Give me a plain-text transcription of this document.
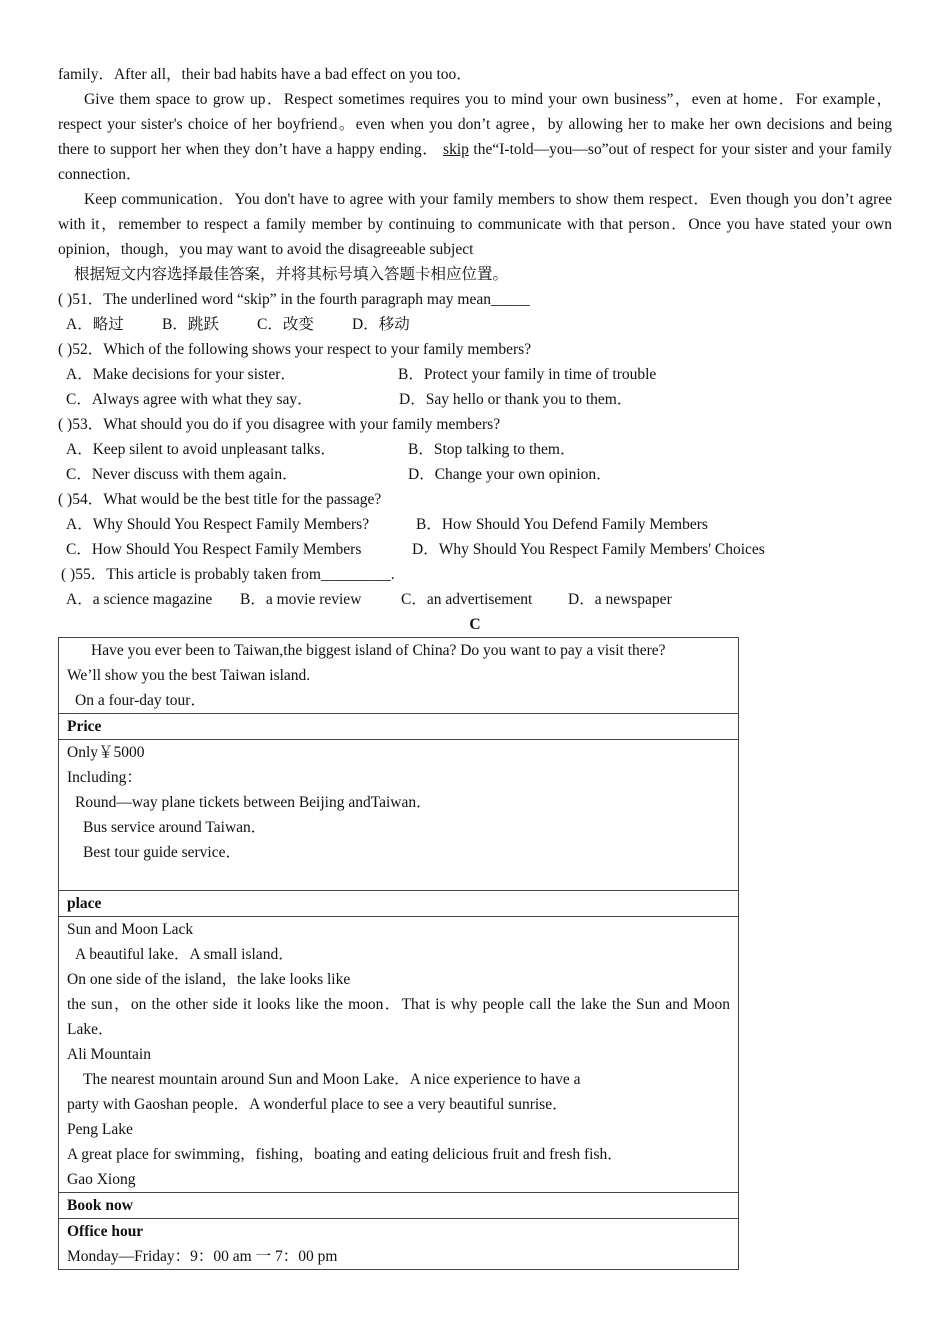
family．After all，their bad habits have a bad effect on you too．

Give them space to grow up．Respect sometimes requires you to mind your own business”，even at home．For example，respect your sister's choice of her boyfriend。even when you don’t agree，by allowing her to make her own decisions and being there to support her when they don’t have a happy ending． skip the“I-told—you—so”out of respect for your sister and your family connection．

Keep communication．You don't have to agree with your family members to show them respect．Even though you don’t agree with it，remember to respect a family member by continuing to communicate with that person．Once you have stated your own opinion，though，you may want to avoid the disagreeable subject

根据短文内容选择最佳答案，并将其标号填入答题卡相应位置。
( )51．The underlined word “skip” in the fourth paragraph may mean_____
A．略过 B．跳跃 C．改变 D．移动
( )52．Which of the following shows your respect to your family members?
A．Make decisions for your sister．	B．Protect your family in time of trouble
C．Always agree with what they say．	D．Say hello or thank you to them．
( )53．What should you do if you disagree with your family members?
A．Keep silent to avoid unpleasant talks．	B．Stop talking to them．
C．Never discuss with them again．	D．Change your own opinion．
( )54．What would be the best title for the passage?
A．Why Should You Respect Family Members?	B．How Should You Defend Family Members
C．How Should You Respect Family Members	D．Why Should You Respect Family Members' Choices
( )55．This article is probably taken from_________.
A．a science magazine B．a movie review	C．an advertisement D．a newspaper
C
Have you ever been to Taiwan,the biggest island of China? Do you want to pay a visit there?
We’ll show you the best Taiwan island.
On a four-day tour．

Price

Only￥5000
Including：
Round—way plane tickets between Beijing andTaiwan．
Bus service around Taiwan．
Best tour guide service．

place

Sun and Moon Lack
A beautiful lake．A small island．
On one side of the island，the lake looks like
the sun，on the other side it looks like the moon．That is why people call the lake the Sun and Moon Lake．
Ali Mountain
The nearest mountain around Sun and Moon Lake．A nice experience to have a
party with Gaoshan people．A wonderful place to see a very beautiful sunrise．
Peng Lake
A great place for swimming，fishing，boating and eating delicious fruit and fresh fish．
Gao Xiong

Book now

Office hour
Monday—Friday：9：00 am 一 7：00 pm
